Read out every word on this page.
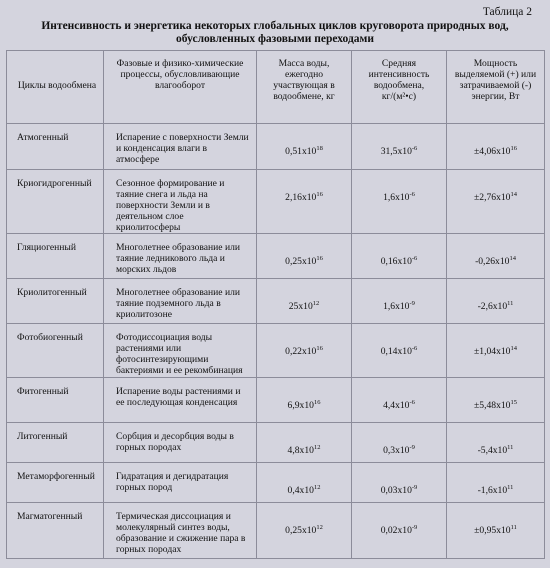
Таблица 2
Интенсивность и энергетика некоторых глобальных циклов круговорота природных вод,
обусловленных фазовыми переходами
Циклы водообмена	Фазовые и физико-химические процессы, обусловливающие влагооборот	Масса воды, ежегодно участвующая в водообмене, кг	Средняя интенсивность водообмена, кг/(м²•с)	Мощность выделяемой (+) или затрачиваемой (-) энергии, Вт

Атмогенный	Испарение с поверхности Земли и конденсация влаги в атмосфере	$0,51x10^{18}$	$31,5x10^{-6}$	$\pm 4,06x10^{16}$

Криогидрогенный	Сезонное формирование и таяние снега и льда на поверхности Земли и в деятельном слое криолитосферы	$2,16x10^{16}$	$1,6x10^{-6}$	$\pm 2,76x10^{14}$

Гляциогенный	Многолетнее образование или таяние ледникового льда и морских льдов	$0,25x10^{16}$	$0,16x10^{-6}$	$-0,26x10^{14}$

Криолитогенный	Многолетнее образование или таяние подземного льда в криолитозоне	$25x10^{12}$	$1,6x10^{-9}$	$-2,6x10^{11}$

Фотобиогенный	Фотодиссоциация воды растениями или фотосинтезирующими бактериями и ее рекомбинация	$0,22x10^{16}$	$0,14x10^{-6}$	$\pm 1,04x10^{14}$

Фитогенный	Испарение воды растениями и ее последующая конденсация	$6,9x10^{16}$	$4,4x10^{-6}$	$\pm 5,48x10^{15}$

Литогенный	Сорбция и десорбция воды в горных породах	$4,8x10^{12}$	$0,3x10^{-9}$	$-5,4x10^{11}$

Метаморфогенный	Гидратация и дегидратация горных пород	$0,4x10^{12}$	$0,03x10^{-9}$	$-1,6x10^{11}$

Магматогенный	Термическая диссоциация и молекулярный синтез воды, образование и сжижение пара в горных породах	$0,25x10^{12}$	$0,02x10^{-9}$	$\pm 0,95x10^{11}$
